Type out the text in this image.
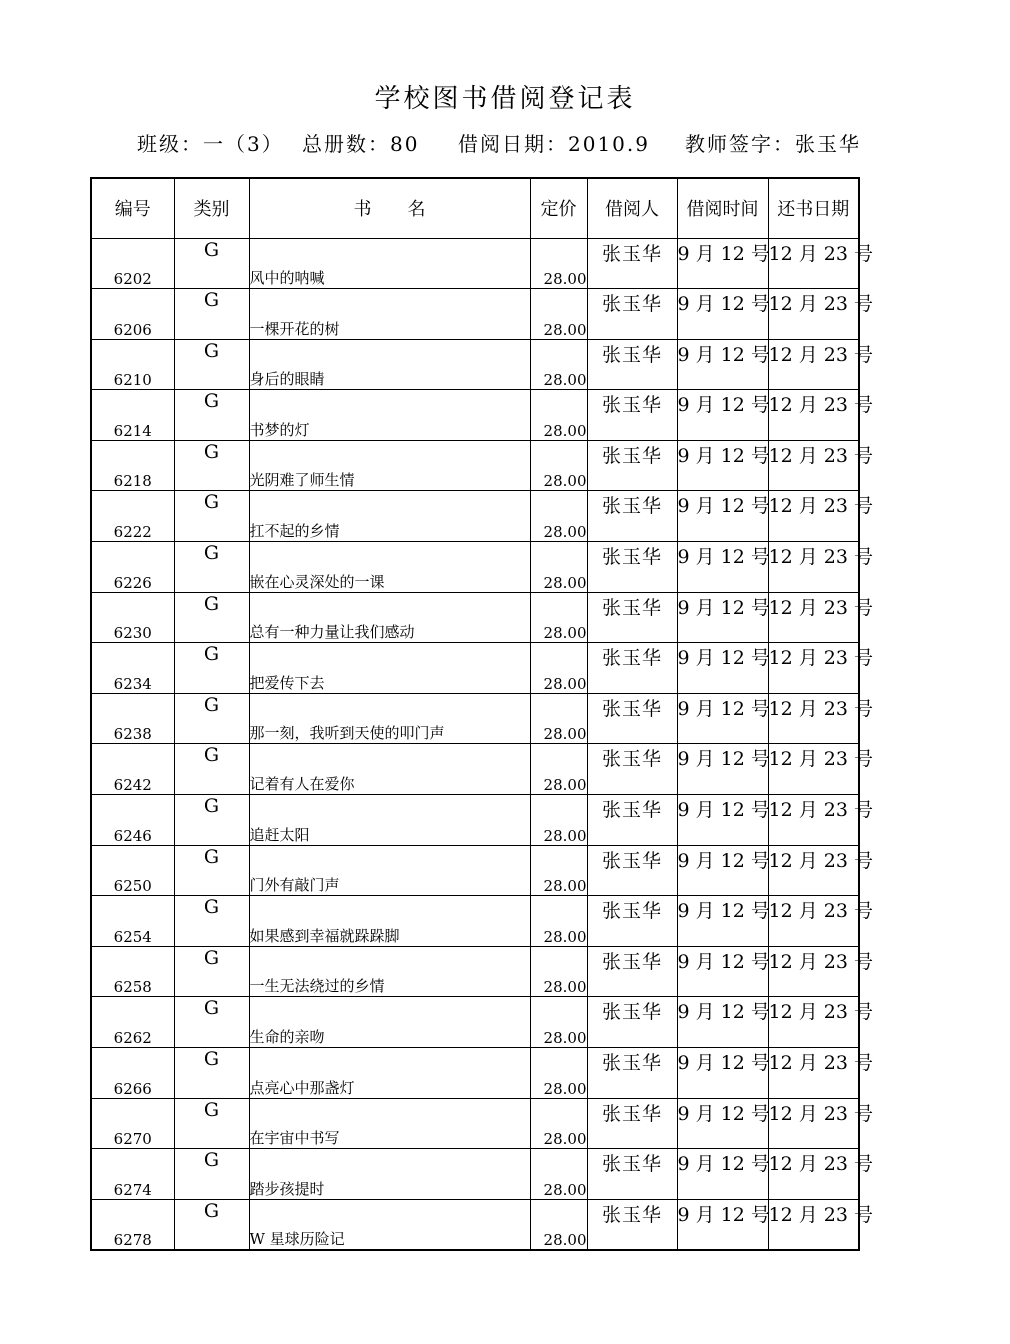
学校图书借阅登记表
班级：一（3） 总册数：80 借阅日期：2010.9 教师签字：张玉华
编号	类别	书　　名	定价	借阅人	借阅时间	还书日期
6202	G	风中的呐喊	28.00	张玉华	9 月 12 号	12 月 23 号
6206	G	一棵开花的树	28.00	张玉华	9 月 12 号	12 月 23 号
6210	G	身后的眼睛	28.00	张玉华	9 月 12 号	12 月 23 号
6214	G	书梦的灯	28.00	张玉华	9 月 12 号	12 月 23 号
6218	G	光阴难了师生情	28.00	张玉华	9 月 12 号	12 月 23 号
6222	G	扛不起的乡情	28.00	张玉华	9 月 12 号	12 月 23 号
6226	G	嵌在心灵深处的一课	28.00	张玉华	9 月 12 号	12 月 23 号
6230	G	总有一种力量让我们感动	28.00	张玉华	9 月 12 号	12 月 23 号
6234	G	把爱传下去	28.00	张玉华	9 月 12 号	12 月 23 号
6238	G	那一刻，我听到天使的叩门声	28.00	张玉华	9 月 12 号	12 月 23 号
6242	G	记着有人在爱你	28.00	张玉华	9 月 12 号	12 月 23 号
6246	G	追赶太阳	28.00	张玉华	9 月 12 号	12 月 23 号
6250	G	门外有敲门声	28.00	张玉华	9 月 12 号	12 月 23 号
6254	G	如果感到幸福就跺跺脚	28.00	张玉华	9 月 12 号	12 月 23 号
6258	G	一生无法绕过的乡情	28.00	张玉华	9 月 12 号	12 月 23 号
6262	G	生命的亲吻	28.00	张玉华	9 月 12 号	12 月 23 号
6266	G	点亮心中那盏灯	28.00	张玉华	9 月 12 号	12 月 23 号
6270	G	在宇宙中书写	28.00	张玉华	9 月 12 号	12 月 23 号
6274	G	踏步孩提时	28.00	张玉华	9 月 12 号	12 月 23 号
6278	G	W 星球历险记	28.00	张玉华	9 月 12 号	12 月 23 号
